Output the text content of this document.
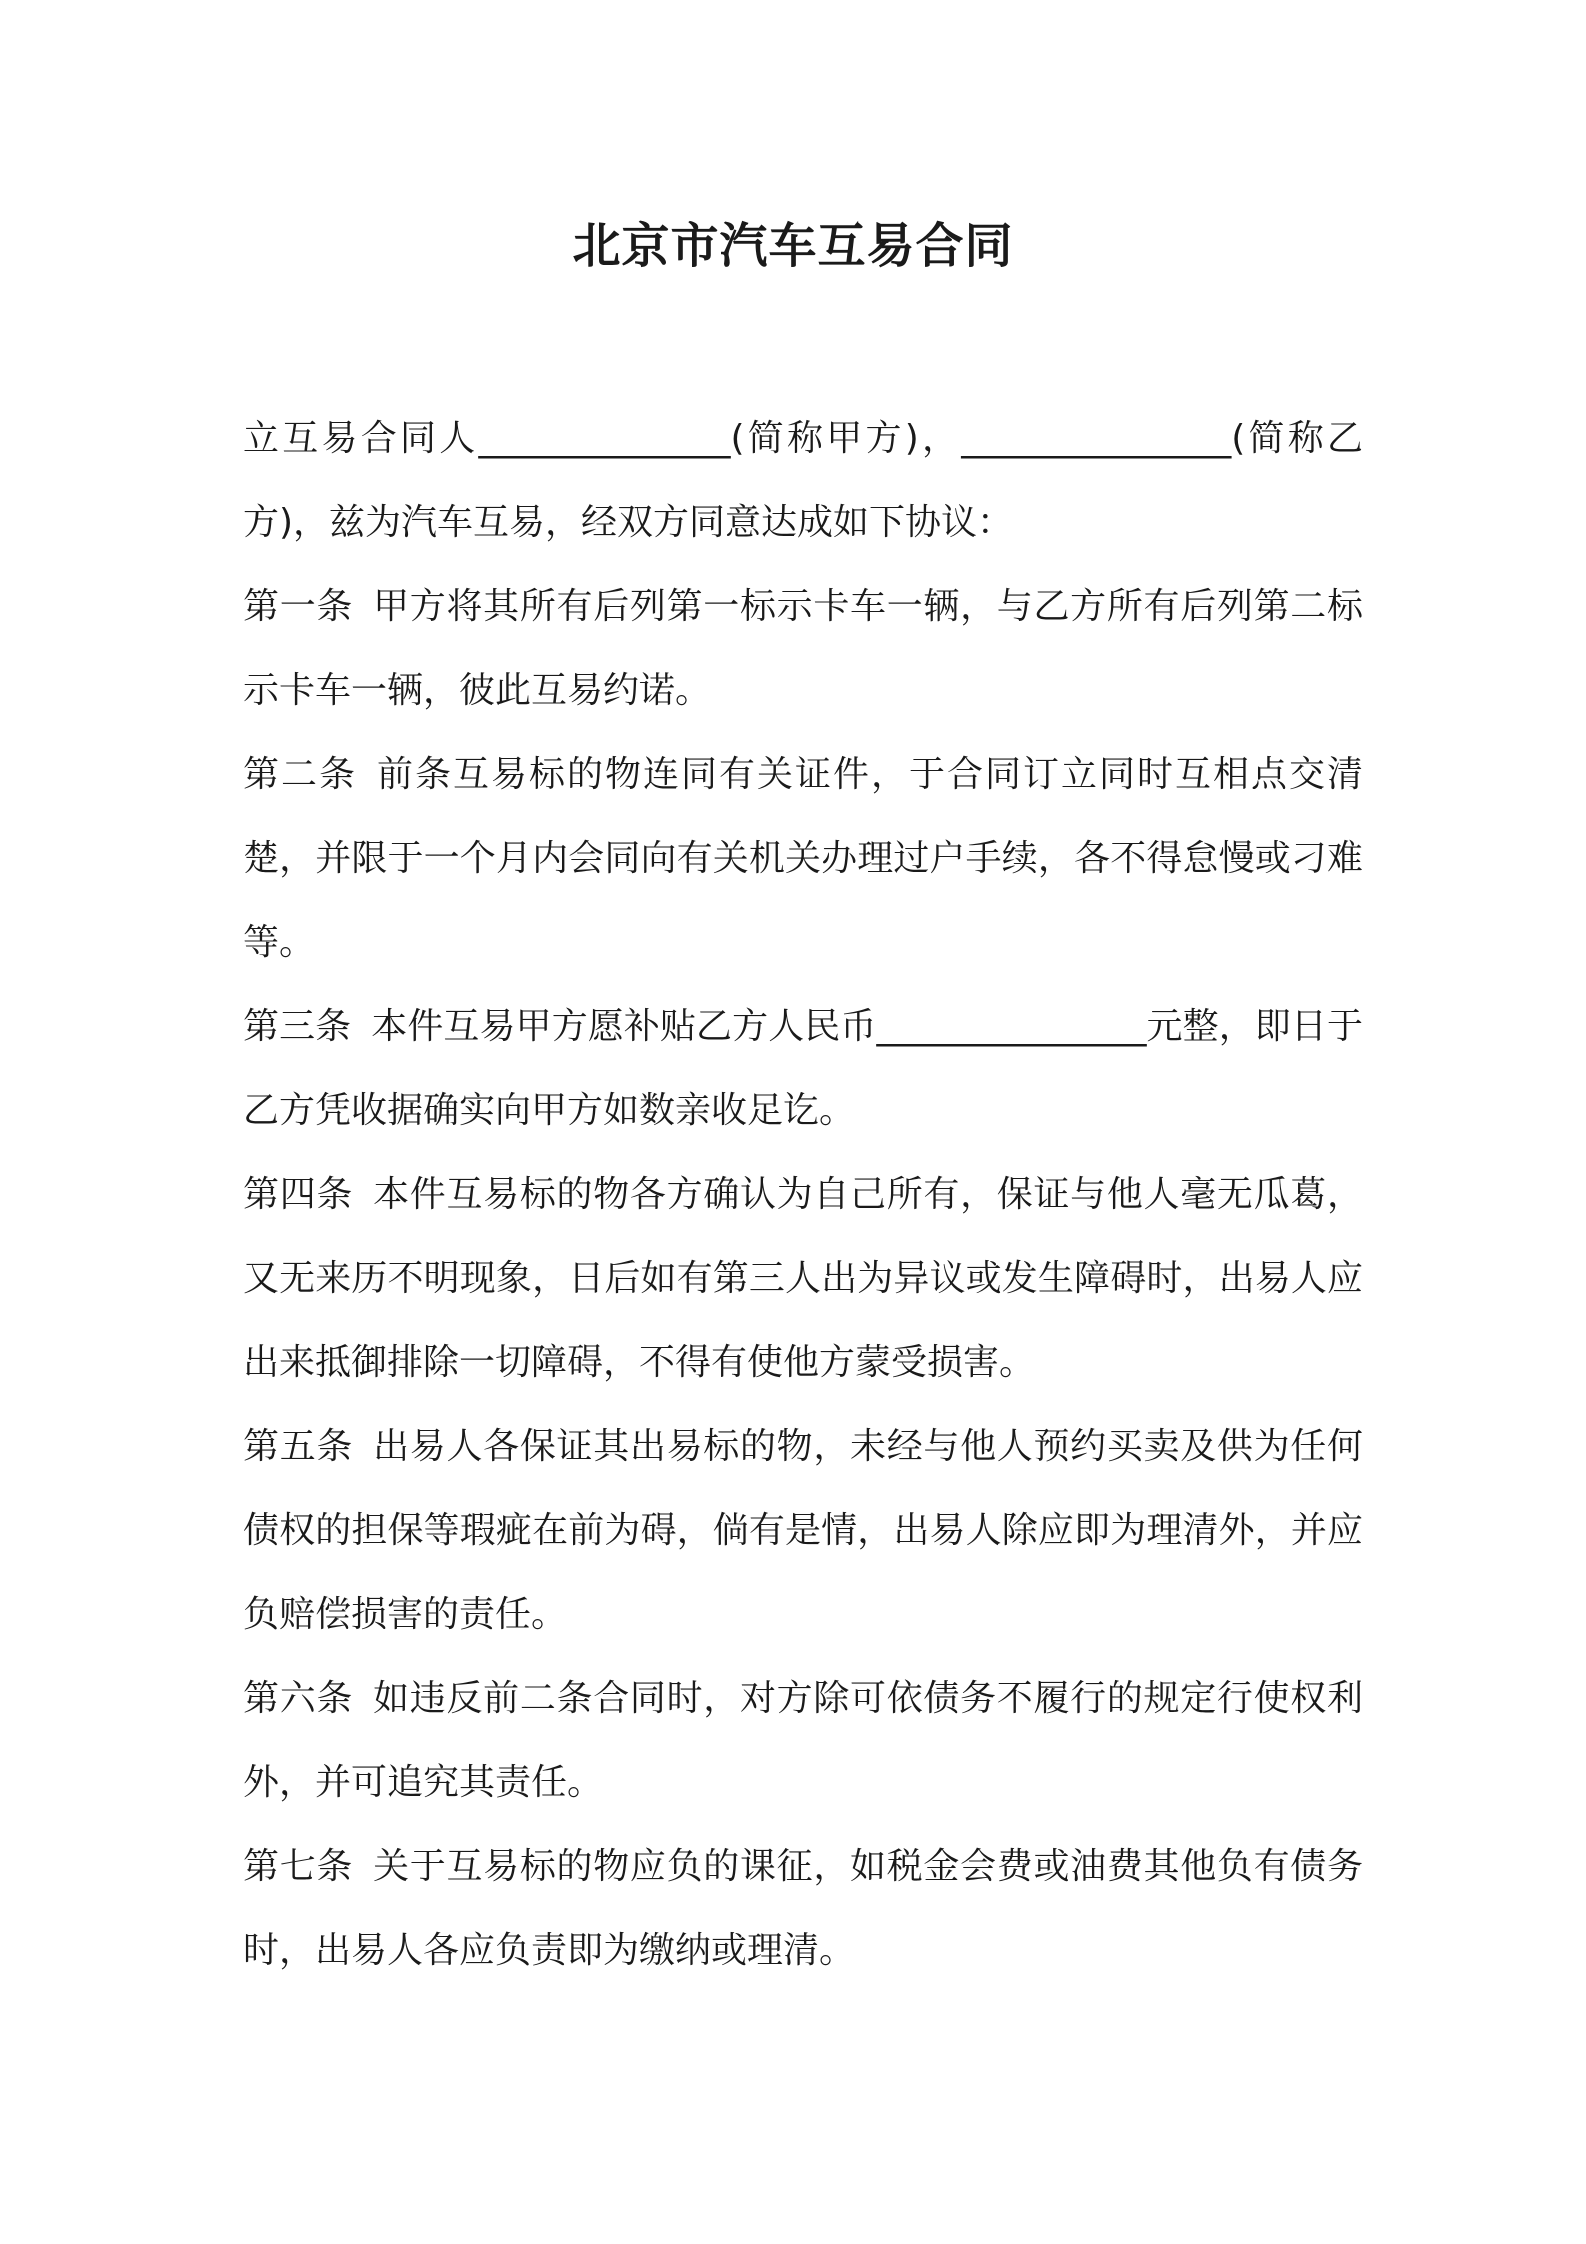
北京市汽车互易合同

立互易合同人______________(简称甲方)，_______________(简称乙方)，兹为汽车互易，经双方同意达成如下协议：

第一条 甲方将其所有后列第一标示卡车一辆，与乙方所有后列第二标示卡车一辆，彼此互易约诺。

第二条 前条互易标的物连同有关证件，于合同订立同时互相点交清楚，并限于一个月内会同向有关机关办理过户手续，各不得怠慢或刁难等。

第三条 本件互易甲方愿补贴乙方人民币_______________元整，即日于乙方凭收据确实向甲方如数亲收足讫。

第四条 本件互易标的物各方确认为自己所有，保证与他人毫无瓜葛，又无来历不明现象，日后如有第三人出为异议或发生障碍时，出易人应出来抵御排除一切障碍，不得有使他方蒙受损害。

第五条 出易人各保证其出易标的物，未经与他人预约买卖及供为任何债权的担保等瑕疵在前为碍，倘有是情，出易人除应即为理清外，并应负赔偿损害的责任。

第六条 如违反前二条合同时，对方除可依债务不履行的规定行使权利外，并可追究其责任。

第七条 关于互易标的物应负的课征，如税金会费或油费其他负有债务时，出易人各应负责即为缴纳或理清。
